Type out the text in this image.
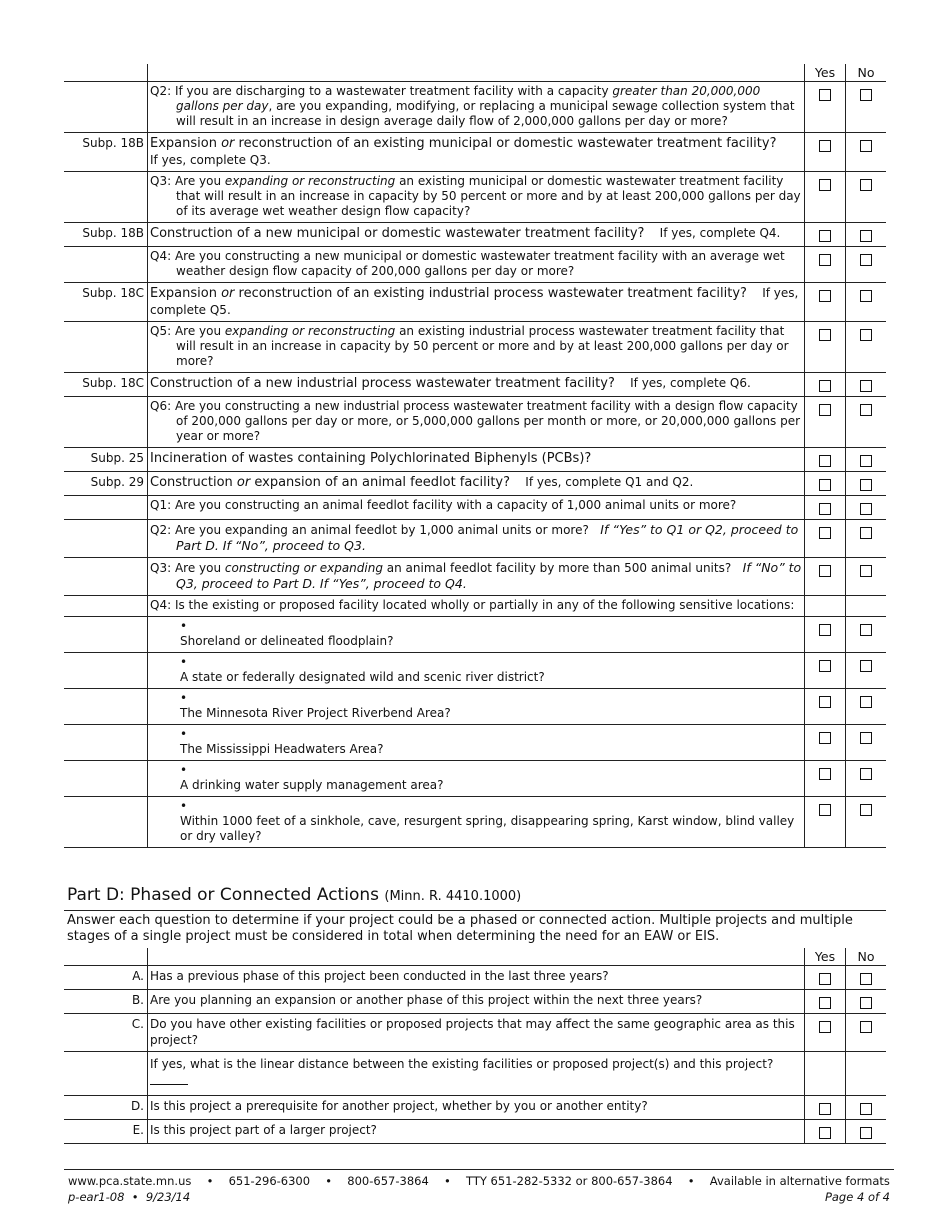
		Yes	No

	Q2: If you are discharging to a wastewater treatment facility with a capacity greater than 20,000,000 gallons per day, are you expanding, modifying, or replacing a municipal sewage collection system that will result in an increase in design average daily flow of 2,000,000 gallons per day or more?		

Subp. 18B	Expansion or reconstruction of an existing municipal or domestic wastewater treatment facility?
If yes, complete Q3.		

	Q3: Are you expanding or reconstructing an existing municipal or domestic wastewater treatment facility that will result in an increase in capacity by 50 percent or more and by at least 200,000 gallons per day of its average wet weather design flow capacity?		

Subp. 18B	Construction of a new municipal or domestic wastewater treatment facility? If yes, complete Q4.		

	Q4: Are you constructing a new municipal or domestic wastewater treatment facility with an average wet weather design flow capacity of 200,000 gallons per day or more?		

Subp. 18C	Expansion or reconstruction of an existing industrial process wastewater treatment facility? If yes, complete Q5.		

	Q5: Are you expanding or reconstructing an existing industrial process wastewater treatment facility that will result in an increase in capacity by 50 percent or more and by at least 200,000 gallons per day or more?		

Subp. 18C	Construction of a new industrial process wastewater treatment facility? If yes, complete Q6.		

	Q6: Are you constructing a new industrial process wastewater treatment facility with a design flow capacity of 200,000 gallons per day or more, or 5,000,000 gallons per month or more, or 20,000,000 gallons per year or more?		

Subp. 25	Incineration of wastes containing Polychlorinated Biphenyls (PCBs)?		
Subp. 29	Construction or expansion of an animal feedlot facility? If yes, complete Q1 and Q2.		

	Q1: Are you constructing an animal feedlot facility with a capacity of 1,000 animal units or more?		

	Q2: Are you expanding an animal feedlot by 1,000 animal units or more? If “Yes” to Q1 or Q2, proceed to Part D. If “No”, proceed to Q3.		

	Q3: Are you constructing or expanding an animal feedlot facility by more than 500 animal units? If “No” to Q3, proceed to Part D. If “Yes”, proceed to Q4.		

	Q4: Is the existing or proposed facility located wholly or partially in any of the following sensitive locations:		

	•Shoreland or delineated floodplain?		

	•A state or federally designated wild and scenic river district?		

	•The Minnesota River Project Riverbend Area?		

	•The Mississippi Headwaters Area?		

	•A drinking water supply management area?		

	•Within 1000 feet of a sinkhole, cave, resurgent spring, disappearing spring, Karst window, blind valley or dry valley?		

Part D: Phased or Connected Actions (Minn. R. 4410.1000)
Answer each question to determine if your project could be a phased or connected action. Multiple projects and multiple stages of a single project must be considered in total when determining the need for an EAW or EIS.
		Yes	No
A.	Has a previous phase of this project been conducted in the last three years?		
B.	Are you planning an expansion or another phase of this project within the next three years?		
C.	Do you have other existing facilities or proposed projects that may affect the same geographic area as this project?		
	If yes, what is the linear distance between the existing facilities or proposed project(s) and this project?

D.	Is this project a prerequisite for another project, whether by you or another entity?		
E.	Is this project part of a larger project?		
www.pca.state.mn.us • 651-296-6300 • 800-657-3864 • TTY 651-282-5332 or 800-657-3864 • Available in alternative formats
p-ear1-08 • 9/23/14	Page 4 of 4
